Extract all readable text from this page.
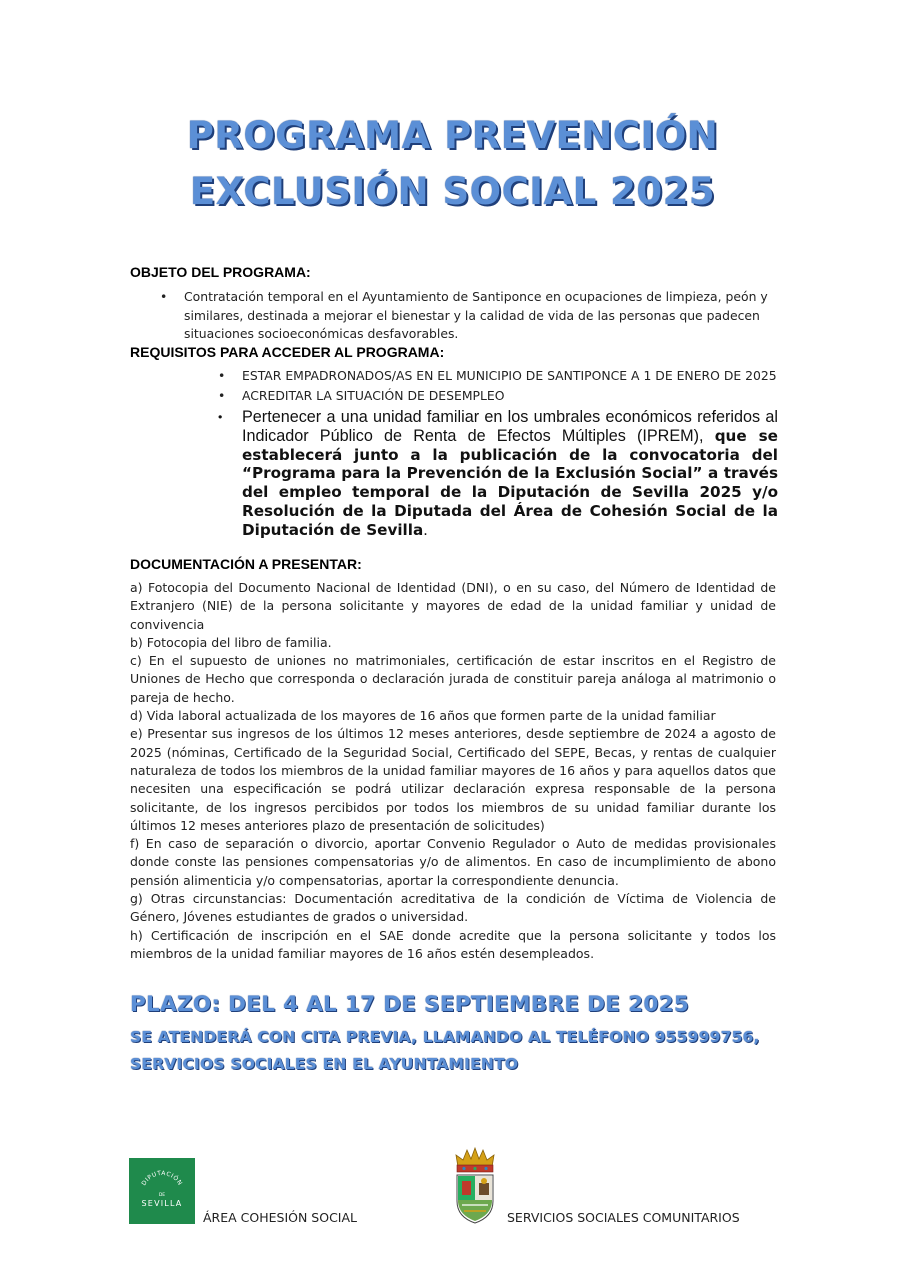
PROGRAMA PREVENCIÓN
EXCLUSIÓN SOCIAL 2025
OBJETO DEL PROGRAMA:
• Contratación temporal en el Ayuntamiento de Santiponce en ocupaciones de limpieza, peón y similares, destinada a mejorar el bienestar y la calidad de vida de las personas que padecen situaciones socioeconómicas desfavorables.
REQUISITOS PARA ACCEDER AL PROGRAMA:
• ESTAR EMPADRONADOS/AS EN EL MUNICIPIO DE SANTIPONCE A 1 DE ENERO DE 2025
• ACREDITAR LA SITUACIÓN DE DESEMPLEO
• Pertenecer a una unidad familiar en los umbrales económicos referidos al Indicador Público de Renta de Efectos Múltiples (IPREM), que se establecerá junto a la publicación de la convocatoria del “Programa para la Prevención de la Exclusión Social” a través del empleo temporal de la Diputación de Sevilla 2025 y/o Resolución de la Diputada del Área de Cohesión Social de la Diputación de Sevilla.
DOCUMENTACIÓN A PRESENTAR:

a) Fotocopia del Documento Nacional de Identidad (DNI), o en su caso, del Número de Identidad de Extranjero (NIE) de la persona solicitante y mayores de edad de la unidad familiar y unidad de convivencia

b) Fotocopia del libro de familia.

c) En el supuesto de uniones no matrimoniales, certificación de estar inscritos en el Registro de Uniones de Hecho que corresponda o declaración jurada de constituir pareja análoga al matrimonio o pareja de hecho.

d) Vida laboral actualizada de los mayores de 16 años que formen parte de la unidad familiar

e) Presentar sus ingresos de los últimos 12 meses anteriores, desde septiembre de 2024 a agosto de 2025 (nóminas, Certificado de la Seguridad Social, Certificado del SEPE, Becas, y rentas de cualquier naturaleza de todos los miembros de la unidad familiar mayores de 16 años y para aquellos datos que necesiten una especificación se podrá utilizar declaración expresa responsable de la persona solicitante, de los ingresos percibidos por todos los miembros de su unidad familiar durante los últimos 12 meses anteriores plazo de presentación de solicitudes)

f) En caso de separación o divorcio, aportar Convenio Regulador o Auto de medidas provisionales donde conste las pensiones compensatorias y/o de alimentos. En caso de incumplimiento de abono pensión alimenticia y/o compensatorias, aportar la correspondiente denuncia.

g) Otras circunstancias: Documentación acreditativa de la condición de Víctima de Violencia de Género, Jóvenes estudiantes de grados o universidad.

h) Certificación de inscripción en el SAE donde acredite que la persona solicitante y todos los miembros de la unidad familiar mayores de 16 años estén desempleados.

PLAZO: DEL 4 AL 17 DE SEPTIEMBRE DE 2025
SE ATENDERÁ CON CITA PREVIA, LLAMANDO AL TELÉFONO 955999756, SERVICIOS SOCIALES EN EL AYUNTAMIENTO
DIPUTACIÓN
DE
SEVILLA
ÁREA COHESIÓN SOCIAL	SERVICIOS SOCIALES COMUNITARIOS
